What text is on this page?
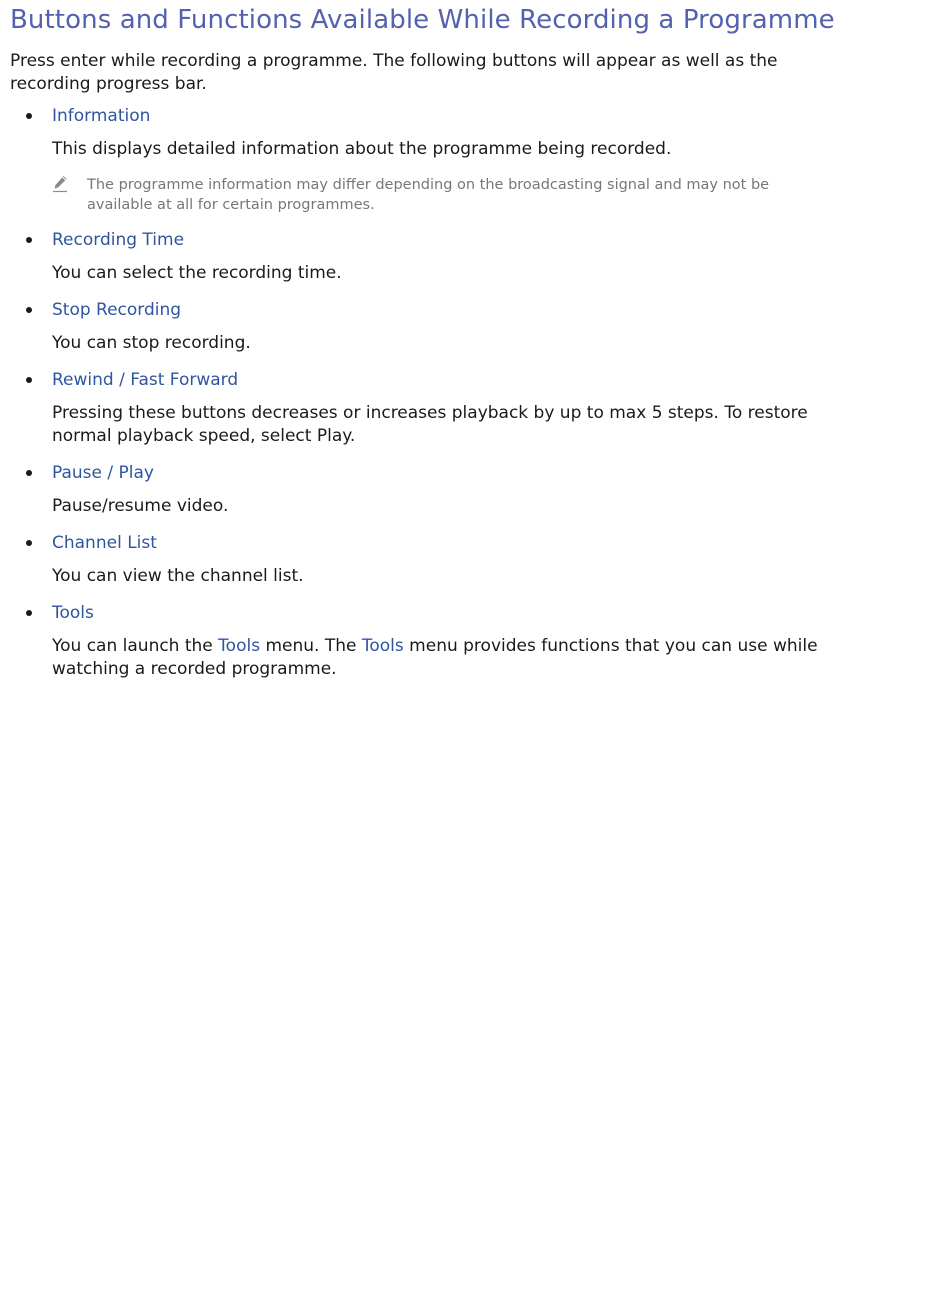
Buttons and Functions Available While Recording a Programme

Press enter while recording a programme. The following buttons will appear as well as the recording progress bar.

Information
This displays detailed information about the programme being recorded.
The programme information may differ depending on the broadcasting signal and may not be available at all for certain programmes.
Recording Time
You can select the recording time.
Stop Recording
You can stop recording.
Rewind / Fast Forward
Pressing these buttons decreases or increases playback by up to max 5 steps. To restore normal playback speed, select Play.
Pause / Play
Pause/resume video.
Channel List
You can view the channel list.
Tools
You can launch the Tools menu. The Tools menu provides functions that you can use while watching a recorded programme.
